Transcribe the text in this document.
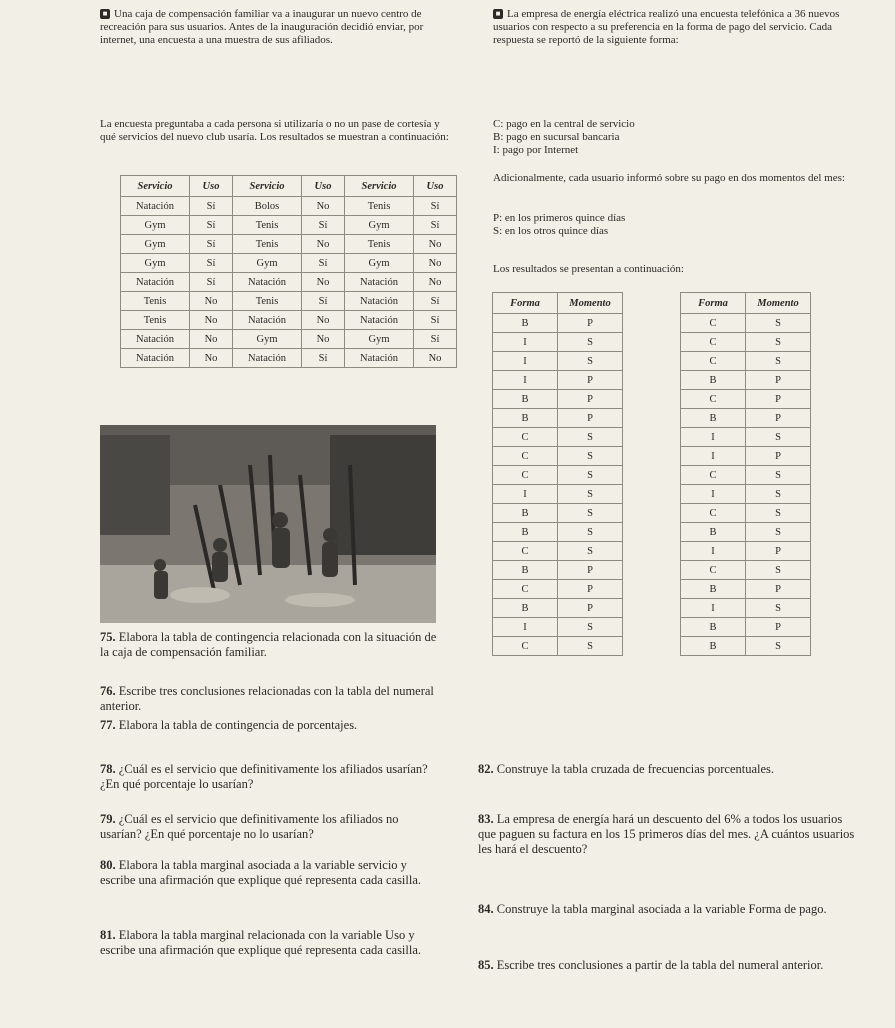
■ Una caja de compensación familiar va a inaugurar un nuevo centro de recreación para sus usuarios. Antes de la inauguración decidió enviar, por internet, una encuesta a una muestra de sus afiliados.
La encuesta preguntaba a cada persona si utilizaría o no un pase de cortesía y qué servicios del nuevo club usaría. Los resultados se muestran a continuación:
Servicio	Uso	Servicio	Uso	Servicio	Uso
Natación	Sí	Bolos	No	Tenis	Sí
Gym	Sí	Tenis	Sí	Gym	Sí
Gym	Sí	Tenis	No	Tenis	No
Gym	Sí	Gym	Sí	Gym	No
Natación	Sí	Natación	No	Natación	No
Tenis	No	Tenis	Sí	Natación	Sí
Tenis	No	Natación	No	Natación	Sí
Natación	No	Gym	No	Gym	Sí
Natación	No	Natación	Sí	Natación	No
75. Elabora la tabla de contingencia relacionada con la situación de la caja de compensación familiar.
76. Escribe tres conclusiones relacionadas con la tabla del numeral anterior.
77. Elabora la tabla de contingencia de porcentajes.
78. ¿Cuál es el servicio que definitivamente los afiliados usarían? ¿En qué porcentaje lo usarían?
79. ¿Cuál es el servicio que definitivamente los afiliados no usarían? ¿En qué porcentaje no lo usarían?
80. Elabora la tabla marginal asociada a la variable servicio y escribe una afirmación que explique qué representa cada casilla.
81. Elabora la tabla marginal relacionada con la variable Uso y escribe una afirmación que explique qué representa cada casilla.
■ La empresa de energía eléctrica realizó una encuesta telefónica a 36 nuevos usuarios con respecto a su preferencia en la forma de pago del servicio. Cada respuesta se reportó de la siguiente forma:
C: pago en la central de servicio
B: pago en sucursal bancaria
I: pago por Internet
Adicionalmente, cada usuario informó sobre su pago en dos momentos del mes:
P: en los primeros quince días
S: en los otros quince días
Los resultados se presentan a continuación:
Forma	Momento
B	P
I	S
I	S
I	P
B	P
B	P
C	S
C	S
C	S
I	S
B	S
B	S
C	S
B	P
C	P
B	P
I	S
C	S
Forma	Momento
C	S
C	S
C	S
B	P
C	P
B	P
I	S
I	P
C	S
I	S
C	S
B	S
I	P
C	S
B	P
I	S
B	P
B	S
82. Construye la tabla cruzada de frecuencias porcentuales.
83. La empresa de energía hará un descuento del 6% a todos los usuarios que paguen su factura en los 15 primeros días del mes. ¿A cuántos usuarios les hará el descuento?
84. Construye la tabla marginal asociada a la variable Forma de pago.
85. Escribe tres conclusiones a partir de la tabla del numeral anterior.
